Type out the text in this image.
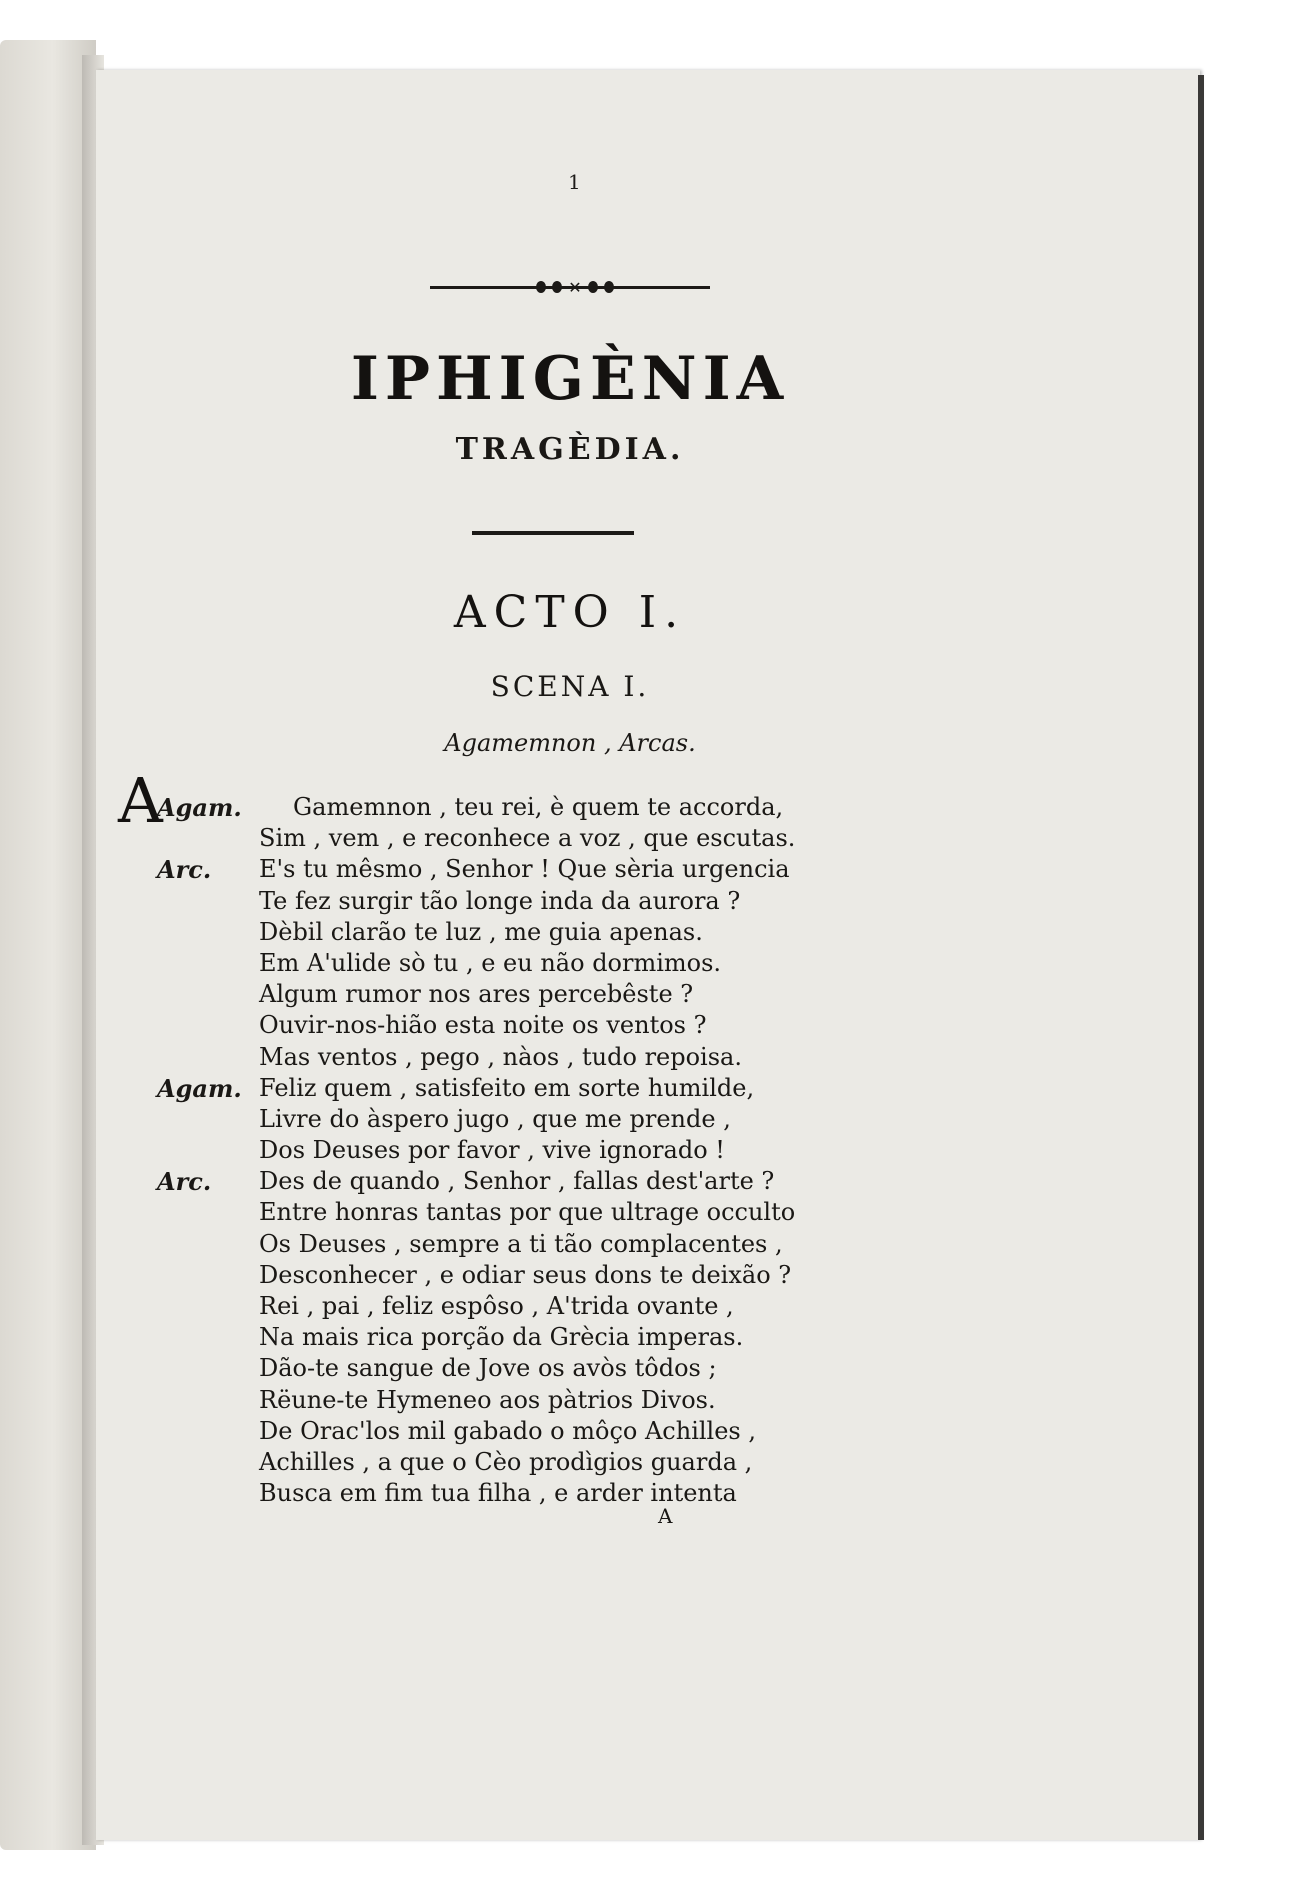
1
✕
IPHIGÈNIA
TRAGÈDIA.
ACTO I.
SCENA I.
Agamemnon , Arcas.
A
Agam. Gamemnon , teu rei, è quem te accorda,
Sim , vem , e reconhece a voz , que escutas.
Arc. E's tu mêsmo , Senhor ! Que sèria urgencia
Te fez surgir tão longe inda da aurora ?
Dèbil clarão te luz , me guia apenas.
Em A'ulide sò tu , e eu não dormimos.
Algum rumor nos ares percebêste ?
Ouvir-nos-hião esta noite os ventos ?
Mas ventos , pego , nàos , tudo repoisa.
Agam. Feliz quem , satisfeito em sorte humilde,
Livre do àspero jugo , que me prende ,
Dos Deuses por favor , vive ignorado !
Arc. Des de quando , Senhor , fallas dest'arte ?
Entre honras tantas por que ultrage occulto
Os Deuses , sempre a ti tão complacentes ,
Desconhecer , e odiar seus dons te deixão ?
Rei , pai , feliz espôso , A'trida ovante ,
Na mais rica porção da Grècia imperas.
Dão-te sangue de Jove os avòs tôdos ;
Rëune-te Hymeneo aos pàtrios Divos.
De Orac'los mil gabado o môço Achilles ,
Achilles , a que o Cèo prodìgios guarda ,
Busca em fim tua filha , e arder intenta
A
